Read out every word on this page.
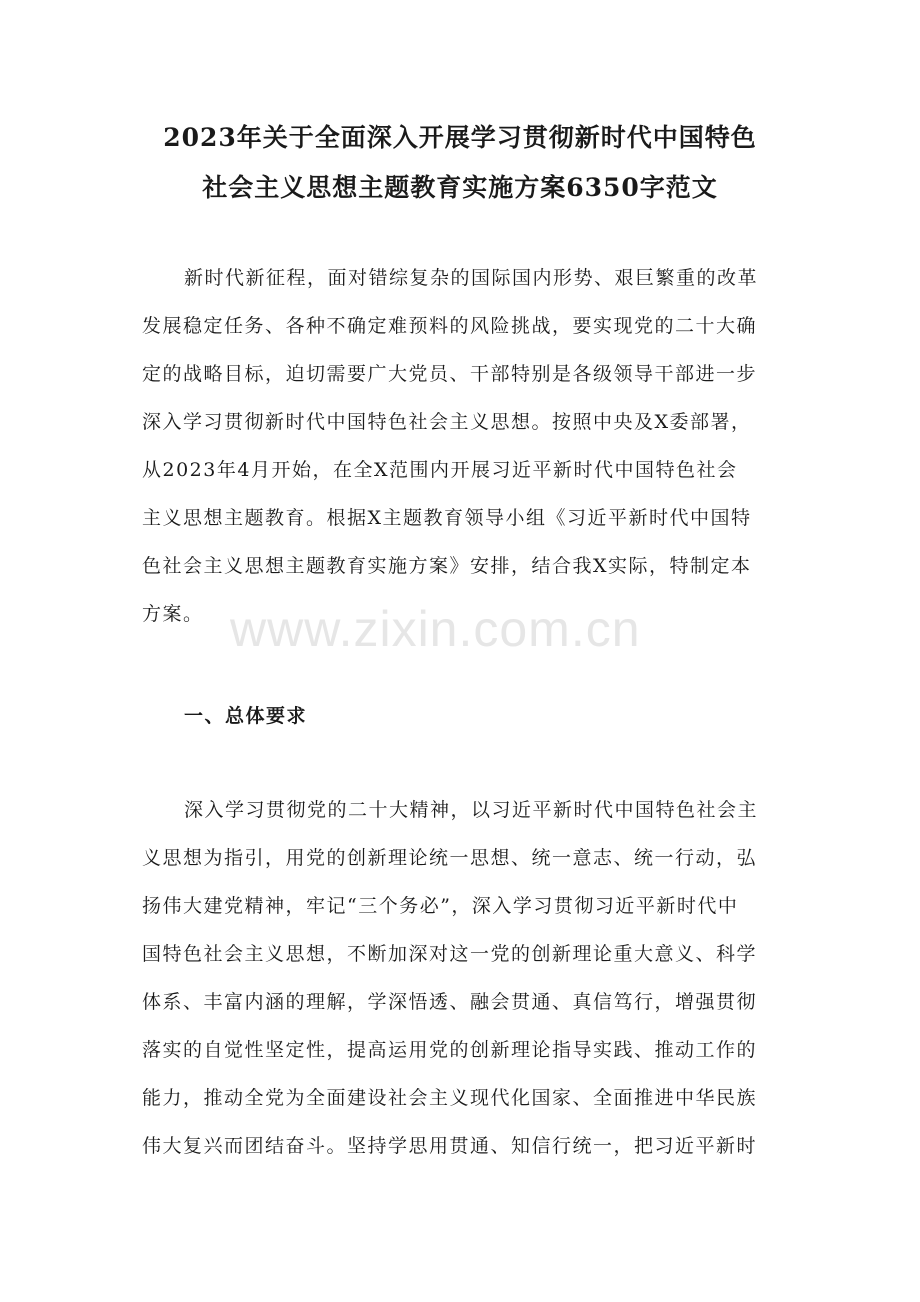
2023年关于全面深入开展学习贯彻新时代中国特色
社会主义思想主题教育实施方案6350字范文
新时代新征程，面对错综复杂的国际国内形势、艰巨繁重的改革
发展稳定任务、各种不确定难预料的风险挑战，要实现党的二十大确
定的战略目标，迫切需要广大党员、干部特别是各级领导干部进一步
深入学习贯彻新时代中国特色社会主义思想。按照中央及X委部署，
从2023年4月开始，在全X范围内开展习近平新时代中国特色社会
主义思想主题教育。根据X主题教育领导小组《习近平新时代中国特
色社会主义思想主题教育实施方案》安排，结合我X实际，特制定本
方案。 www.zixin.com.cn
一、总体要求
深入学习贯彻党的二十大精神，以习近平新时代中国特色社会主
义思想为指引，用党的创新理论统一思想、统一意志、统一行动，弘
扬伟大建党精神，牢记“三个务必”，深入学习贯彻习近平新时代中
国特色社会主义思想，不断加深对这一党的创新理论重大意义、科学
体系、丰富内涵的理解，学深悟透、融会贯通、真信笃行，增强贯彻
落实的自觉性坚定性，提高运用党的创新理论指导实践、推动工作的
能力，推动全党为全面建设社会主义现代化国家、全面推进中华民族
伟大复兴而团结奋斗。坚持学思用贯通、知信行统一，把习近平新时
